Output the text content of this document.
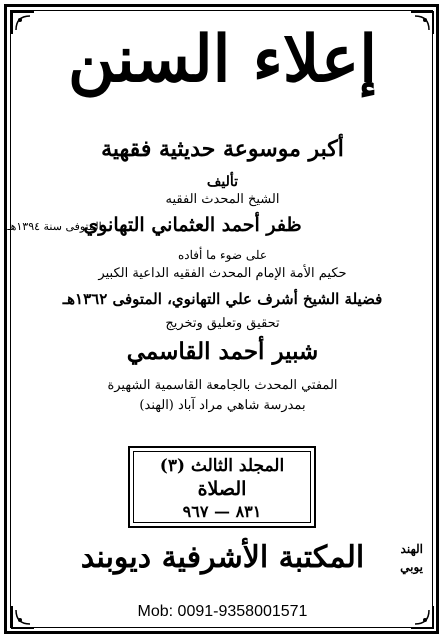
إعلاء السنن
أكبر موسوعة حديثية فقهية
تأليف
الشيخ المحدث الفقيه
ظفر أحمد العثماني التهانوي
المتوفى سنة ١٣٩٤هـ
على ضوء ما أفاده
حكيم الأمة الإمام المحدث الفقيه الداعية الكبير
فضيلة الشيخ أشرف علي التهانوي، المتوفى ١٣٦٢هـ
تحقيق وتعليق وتخريج
شبير أحمد القاسمي
المفتي المحدث بالجامعة القاسمية الشهيرة
بمدرسة شاهي مراد آباد (الهند)
المجلد الثالث (٣)
الصلاة
٨٣١ — ٩٦٧
المكتبة الأشرفية ديوبند	الهند
يوبي
Mob: 0091-9358001571
